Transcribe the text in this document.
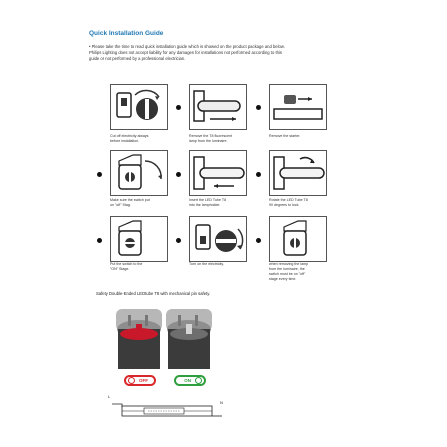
Quick Installation Guide
• Please take the time to read quick installation guide which is showed on the product package and below.
Philips Lighting does not accept liability for any damages for installations not performed according to this
guide or not performed by a professional electrician.
Cut off electricity always
before installation.
Remove the T8 fluorescent
lamp from the luminaire.
Remove the starter.
Make sure the switch put
on "off" Stag.
Insert the LED Tube T8
into the lampholder.
Rotate the LED Tube T8
90 degrees to lock.
Put the switch to the
"ON" Stage.
Turn on the electricity.	when removing the lamp
from the luminaire, the
switch must be on "off"
stage every time.
Safety Double-Ended LEDtube T8 with mechanical pin safety.
OFF	ON
L
N
